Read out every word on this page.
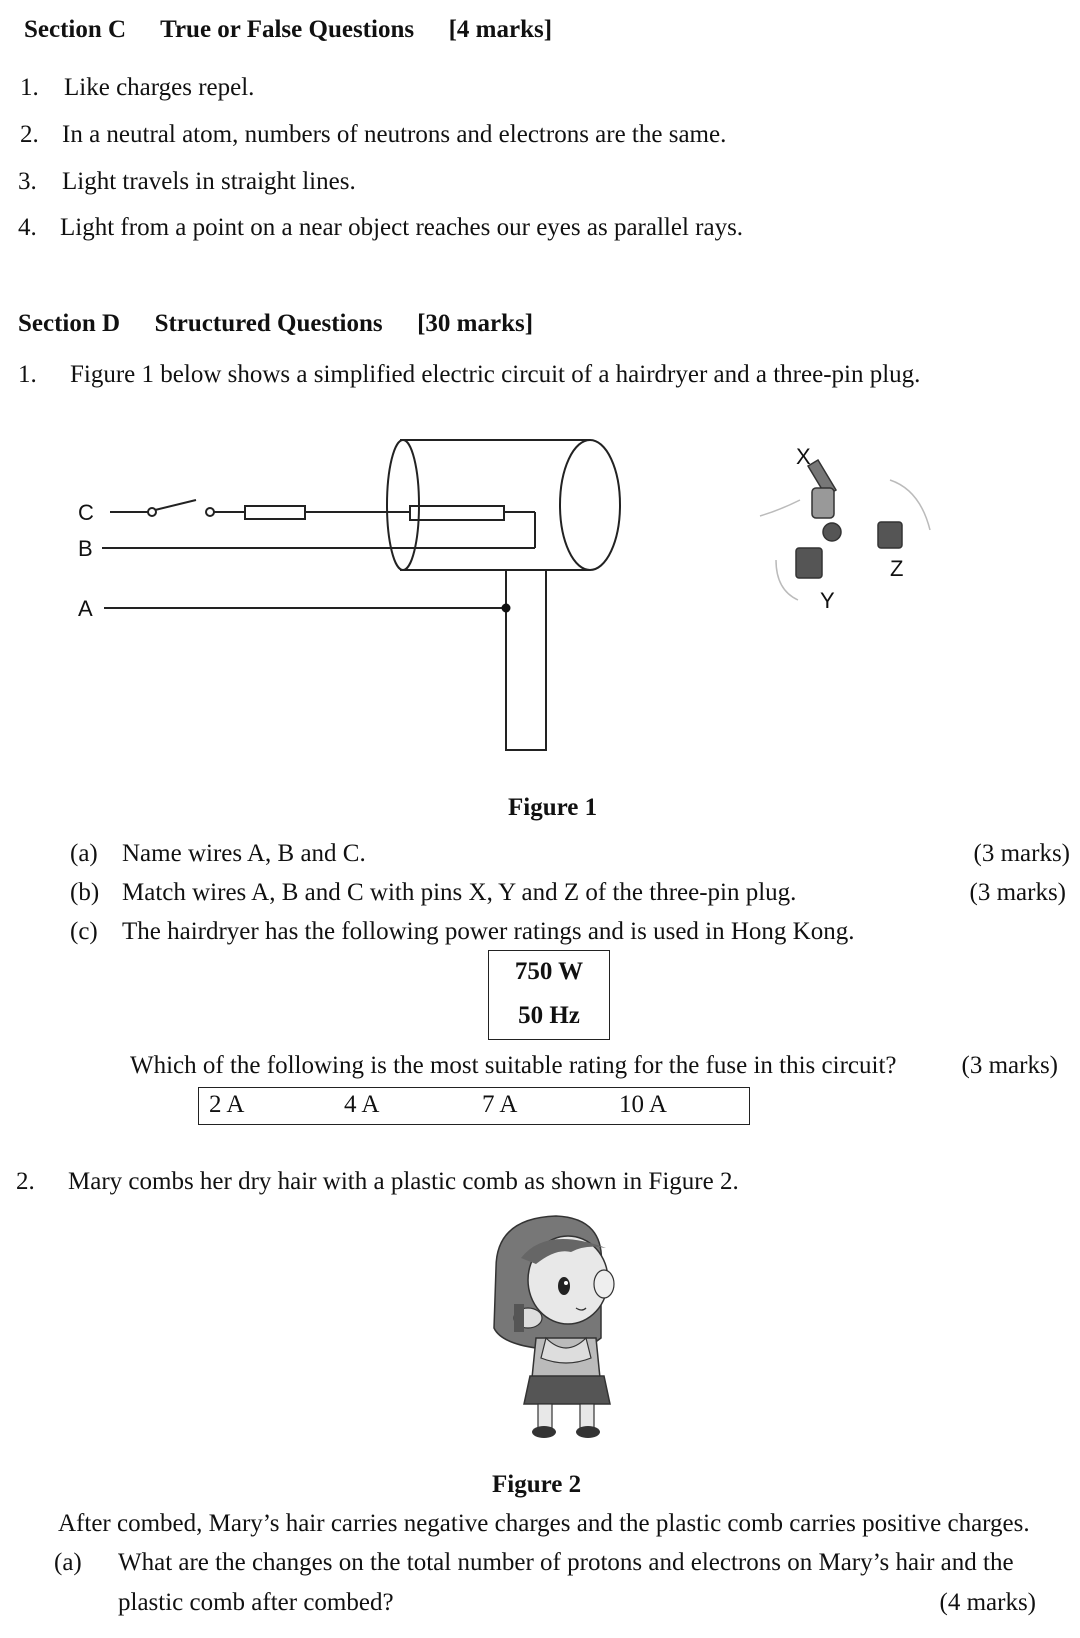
Section C True or False Questions [4 marks]
1. Like charges repel.
2. In a neutral atom, numbers of neutrons and electrons are the same.
3. Light travels in straight lines.
4. Light from a point on a near object reaches our eyes as parallel rays.
Section D Structured Questions [30 marks]
1. Figure 1 below shows a simplified electric circuit of a hairdryer and a three-pin plug.
C
B
A
X
Y
Z
Figure 1
(a) Name wires A, B and C.	(3 marks)
(b) Match wires A, B and C with pins X, Y and Z of the three-pin plug.	(3 marks)
(c) The hairdryer has the following power ratings and is used in Hong Kong.
750 W
50 Hz
Which of the following is the most suitable rating for the fuse in this circuit?	(3 marks)
2 A	4 A	7 A	10 A
2. Mary combs her dry hair with a plastic comb as shown in Figure 2.
Figure 2
After combed, Mary’s hair carries negative charges and the plastic comb carries positive charges.
(a) What are the changes on the total number of protons and electrons on Mary’s hair and the
plastic comb after combed?	(4 marks)
